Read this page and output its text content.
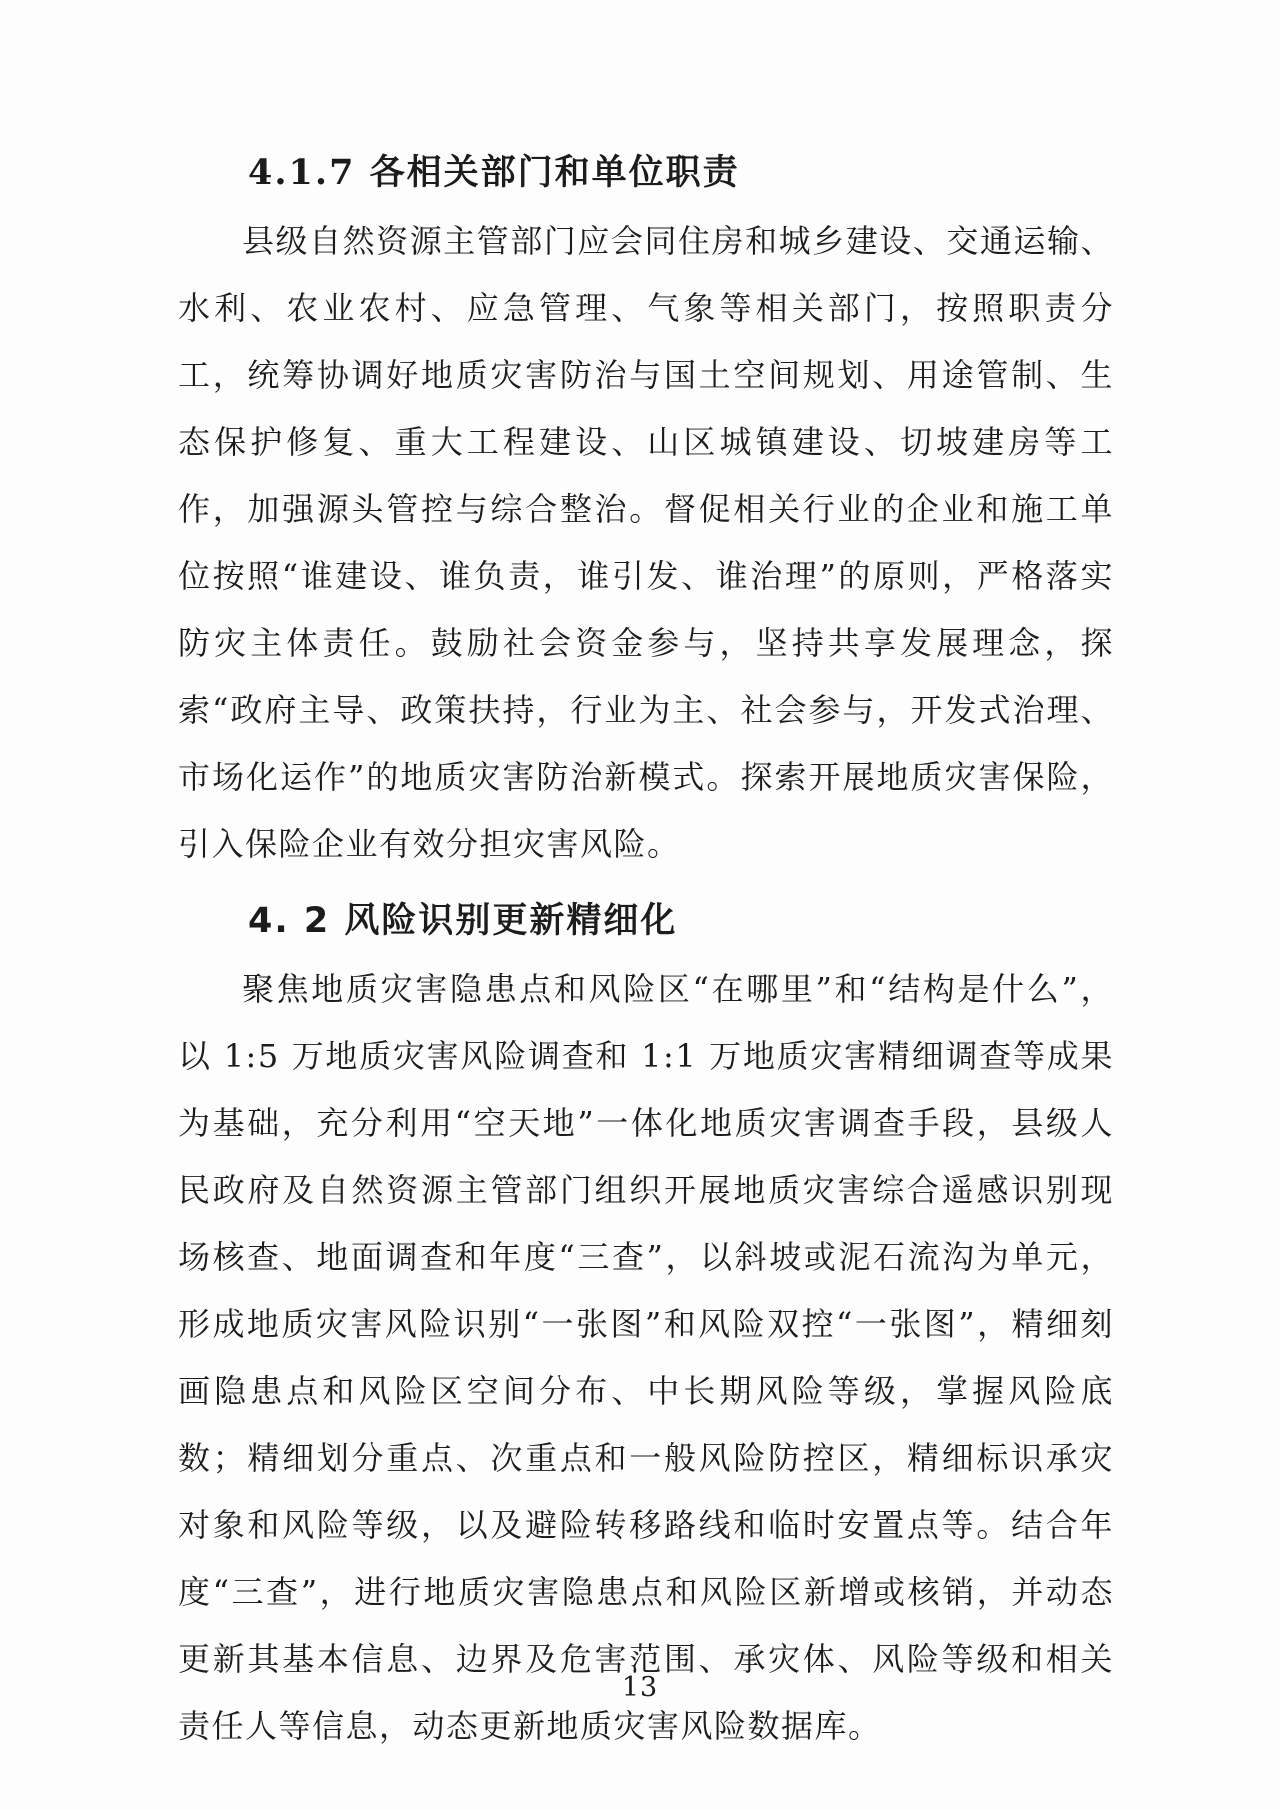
4.1.7 各相关部门和单位职责

县级自然资源主管部门应会同住房和城乡建设、交通运输、水利、农业农村、应急管理、气象等相关部门，按照职责分工，统筹协调好地质灾害防治与国土空间规划、用途管制、生态保护修复、重大工程建设、山区城镇建设、切坡建房等工作，加强源头管控与综合整治。督促相关行业的企业和施工单位按照“谁建设、谁负责，谁引发、谁治理”的原则，严格落实防灾主体责任。鼓励社会资金参与，坚持共享发展理念，探索“政府主导、政策扶持，行业为主、社会参与，开发式治理、市场化运作”的地质灾害防治新模式。探索开展地质灾害保险，引入保险企业有效分担灾害风险。

4. 2 风险识别更新精细化

聚焦地质灾害隐患点和风险区“在哪里”和“结构是什么”，以 1:5 万地质灾害风险调查和 1:1 万地质灾害精细调查等成果为基础，充分利用“空天地”一体化地质灾害调查手段，县级人民政府及自然资源主管部门组织开展地质灾害综合遥感识别现场核查、地面调查和年度“三查”，以斜坡或泥石流沟为单元，形成地质灾害风险识别“一张图”和风险双控“一张图”，精细刻画隐患点和风险区空间分布、中长期风险等级，掌握风险底数；精细划分重点、次重点和一般风险防控区，精细标识承灾对象和风险等级，以及避险转移路线和临时安置点等。结合年度“三查”，进行地质灾害隐患点和风险区新增或核销，并动态更新其基本信息、边界及危害范围、承灾体、风险等级和相关责任人等信息，动态更新地质灾害风险数据库。

13
